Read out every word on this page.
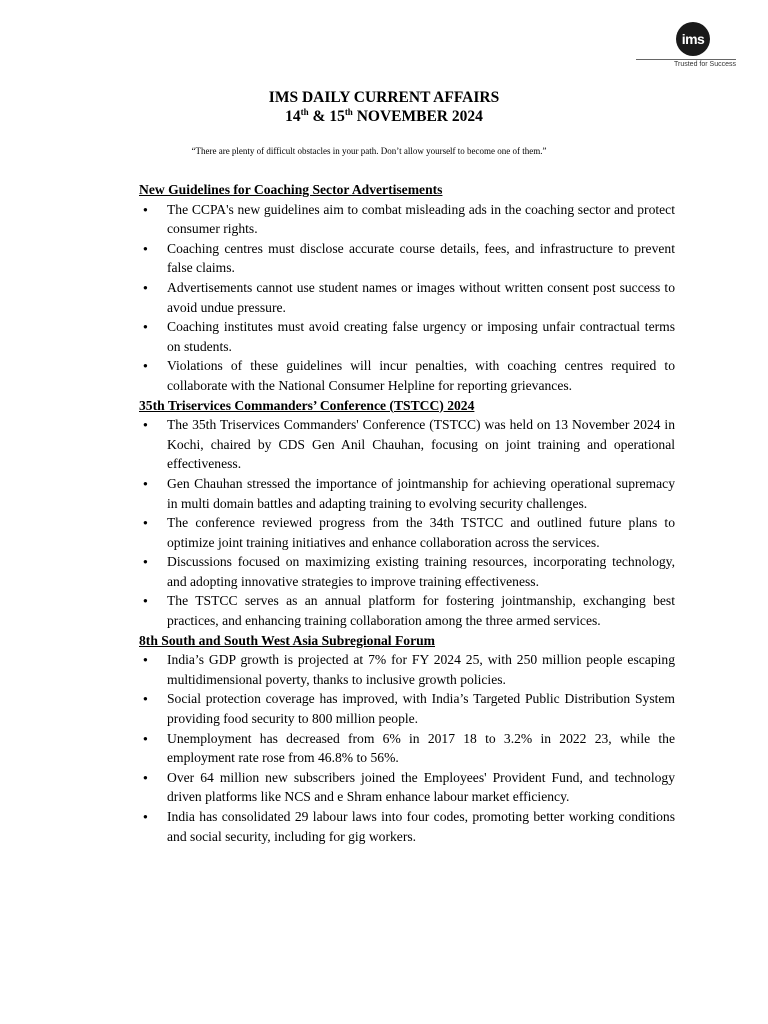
ims
Trusted for Success
IMS DAILY CURRENT AFFAIRS
14th & 15th NOVEMBER 2024
“There are plenty of difficult obstacles in your path. Don’t allow yourself to become one of them.”

New Guidelines for Coaching Sector Advertisements

● The CCPA's new guidelines aim to combat misleading ads in the coaching sector and protect consumer rights.
● Coaching centres must disclose accurate course details, fees, and infrastructure to prevent false claims.
● Advertisements cannot use student names or images without written consent post success to avoid undue pressure.
● Coaching institutes must avoid creating false urgency or imposing unfair contractual terms on students.
● Violations of these guidelines will incur penalties, with coaching centres required to collaborate with the National Consumer Helpline for reporting grievances.

35th Triservices Commanders’ Conference (TSTCC) 2024

● The 35th Triservices Commanders' Conference (TSTCC) was held on 13 November 2024 in Kochi, chaired by CDS Gen Anil Chauhan, focusing on joint training and operational effectiveness.
● Gen Chauhan stressed the importance of jointmanship for achieving operational supremacy in multi domain battles and adapting training to evolving security challenges.
● The conference reviewed progress from the 34th TSTCC and outlined future plans to optimize joint training initiatives and enhance collaboration across the services.
● Discussions focused on maximizing existing training resources, incorporating technology, and adopting innovative strategies to improve training effectiveness.
● The TSTCC serves as an annual platform for fostering jointmanship, exchanging best practices, and enhancing training collaboration among the three armed services.

8th South and South West Asia Subregional Forum

● India’s GDP growth is projected at 7% for FY 2024 25, with 250 million people escaping multidimensional poverty, thanks to inclusive growth policies.
● Social protection coverage has improved, with India’s Targeted Public Distribution System providing food security to 800 million people.
● Unemployment has decreased from 6% in 2017 18 to 3.2% in 2022 23, while the employment rate rose from 46.8% to 56%.
● Over 64 million new subscribers joined the Employees' Provident Fund, and technology driven platforms like NCS and e Shram enhance labour market efficiency.
● India has consolidated 29 labour laws into four codes, promoting better working conditions and social security, including for gig workers.
